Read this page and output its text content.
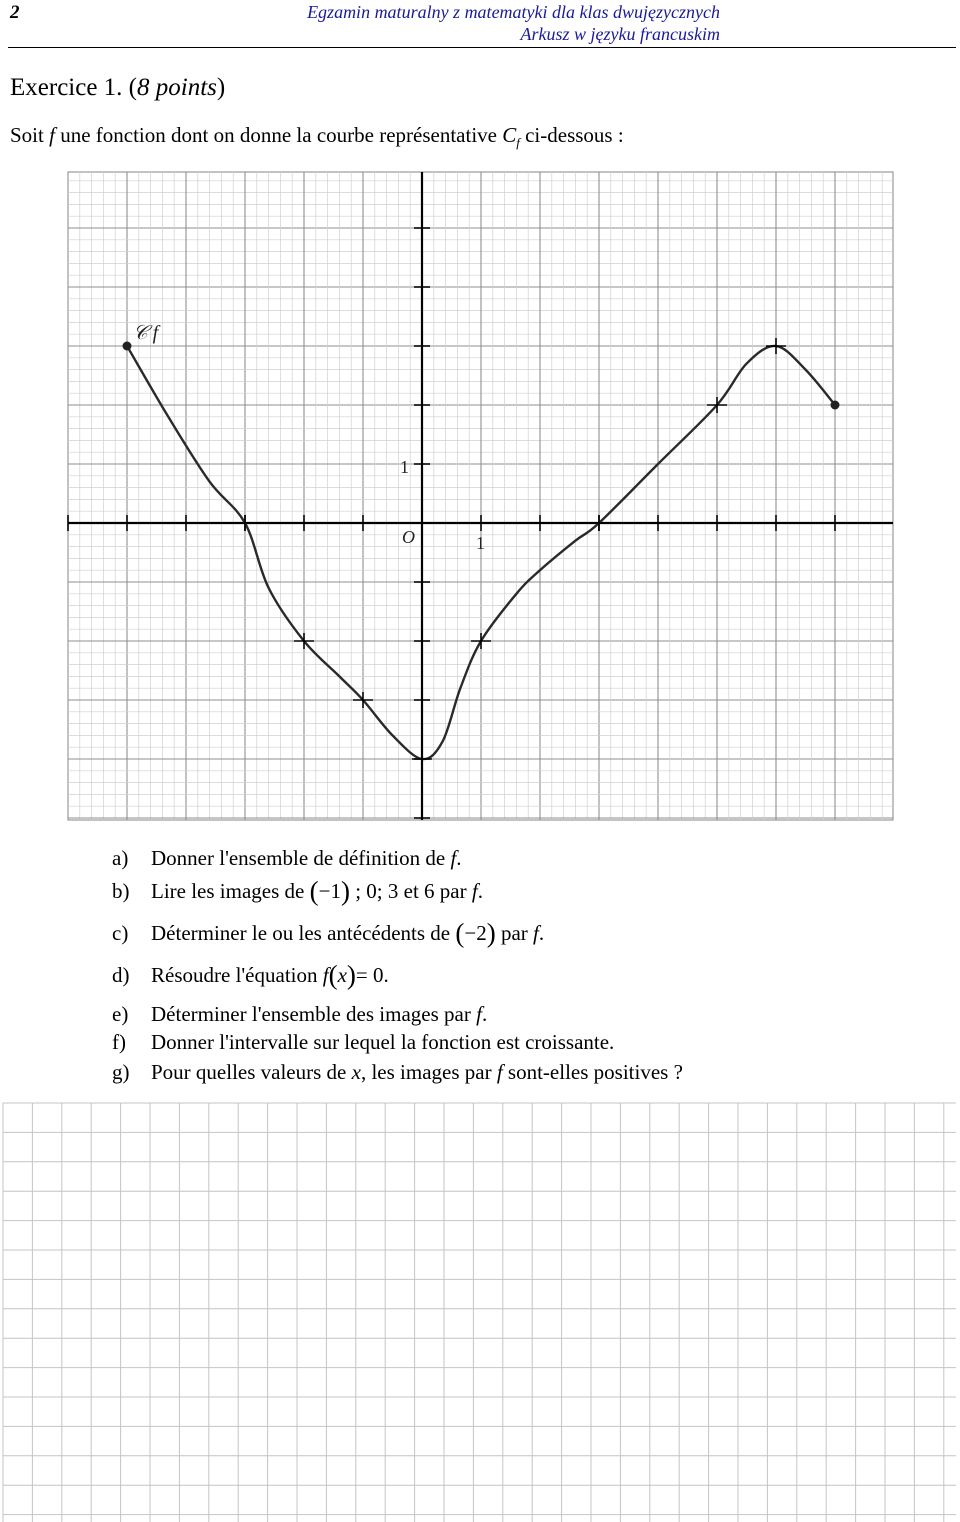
2	Egzamin maturalny z matematyki dla klas dwujęzycznych
Arkusz w języku francuskim
Exercice 1. (8 points)
Soit f une fonction dont on donne la courbe représentative $C_f$ ci-dessous :
𝒞 f
O	1
1
a) Donner l'ensemble de définition de f.
b) Lire les images de (−1) ; 0; 3 et 6 par f.
c) Déterminer le ou les antécédents de (−2) par f.
d) Résoudre l'équation f(x)= 0.
e) Déterminer l'ensemble des images par f.
f) Donner l'intervalle sur lequel la fonction est croissante.
g) Pour quelles valeurs de x, les images par f sont-elles positives ?
